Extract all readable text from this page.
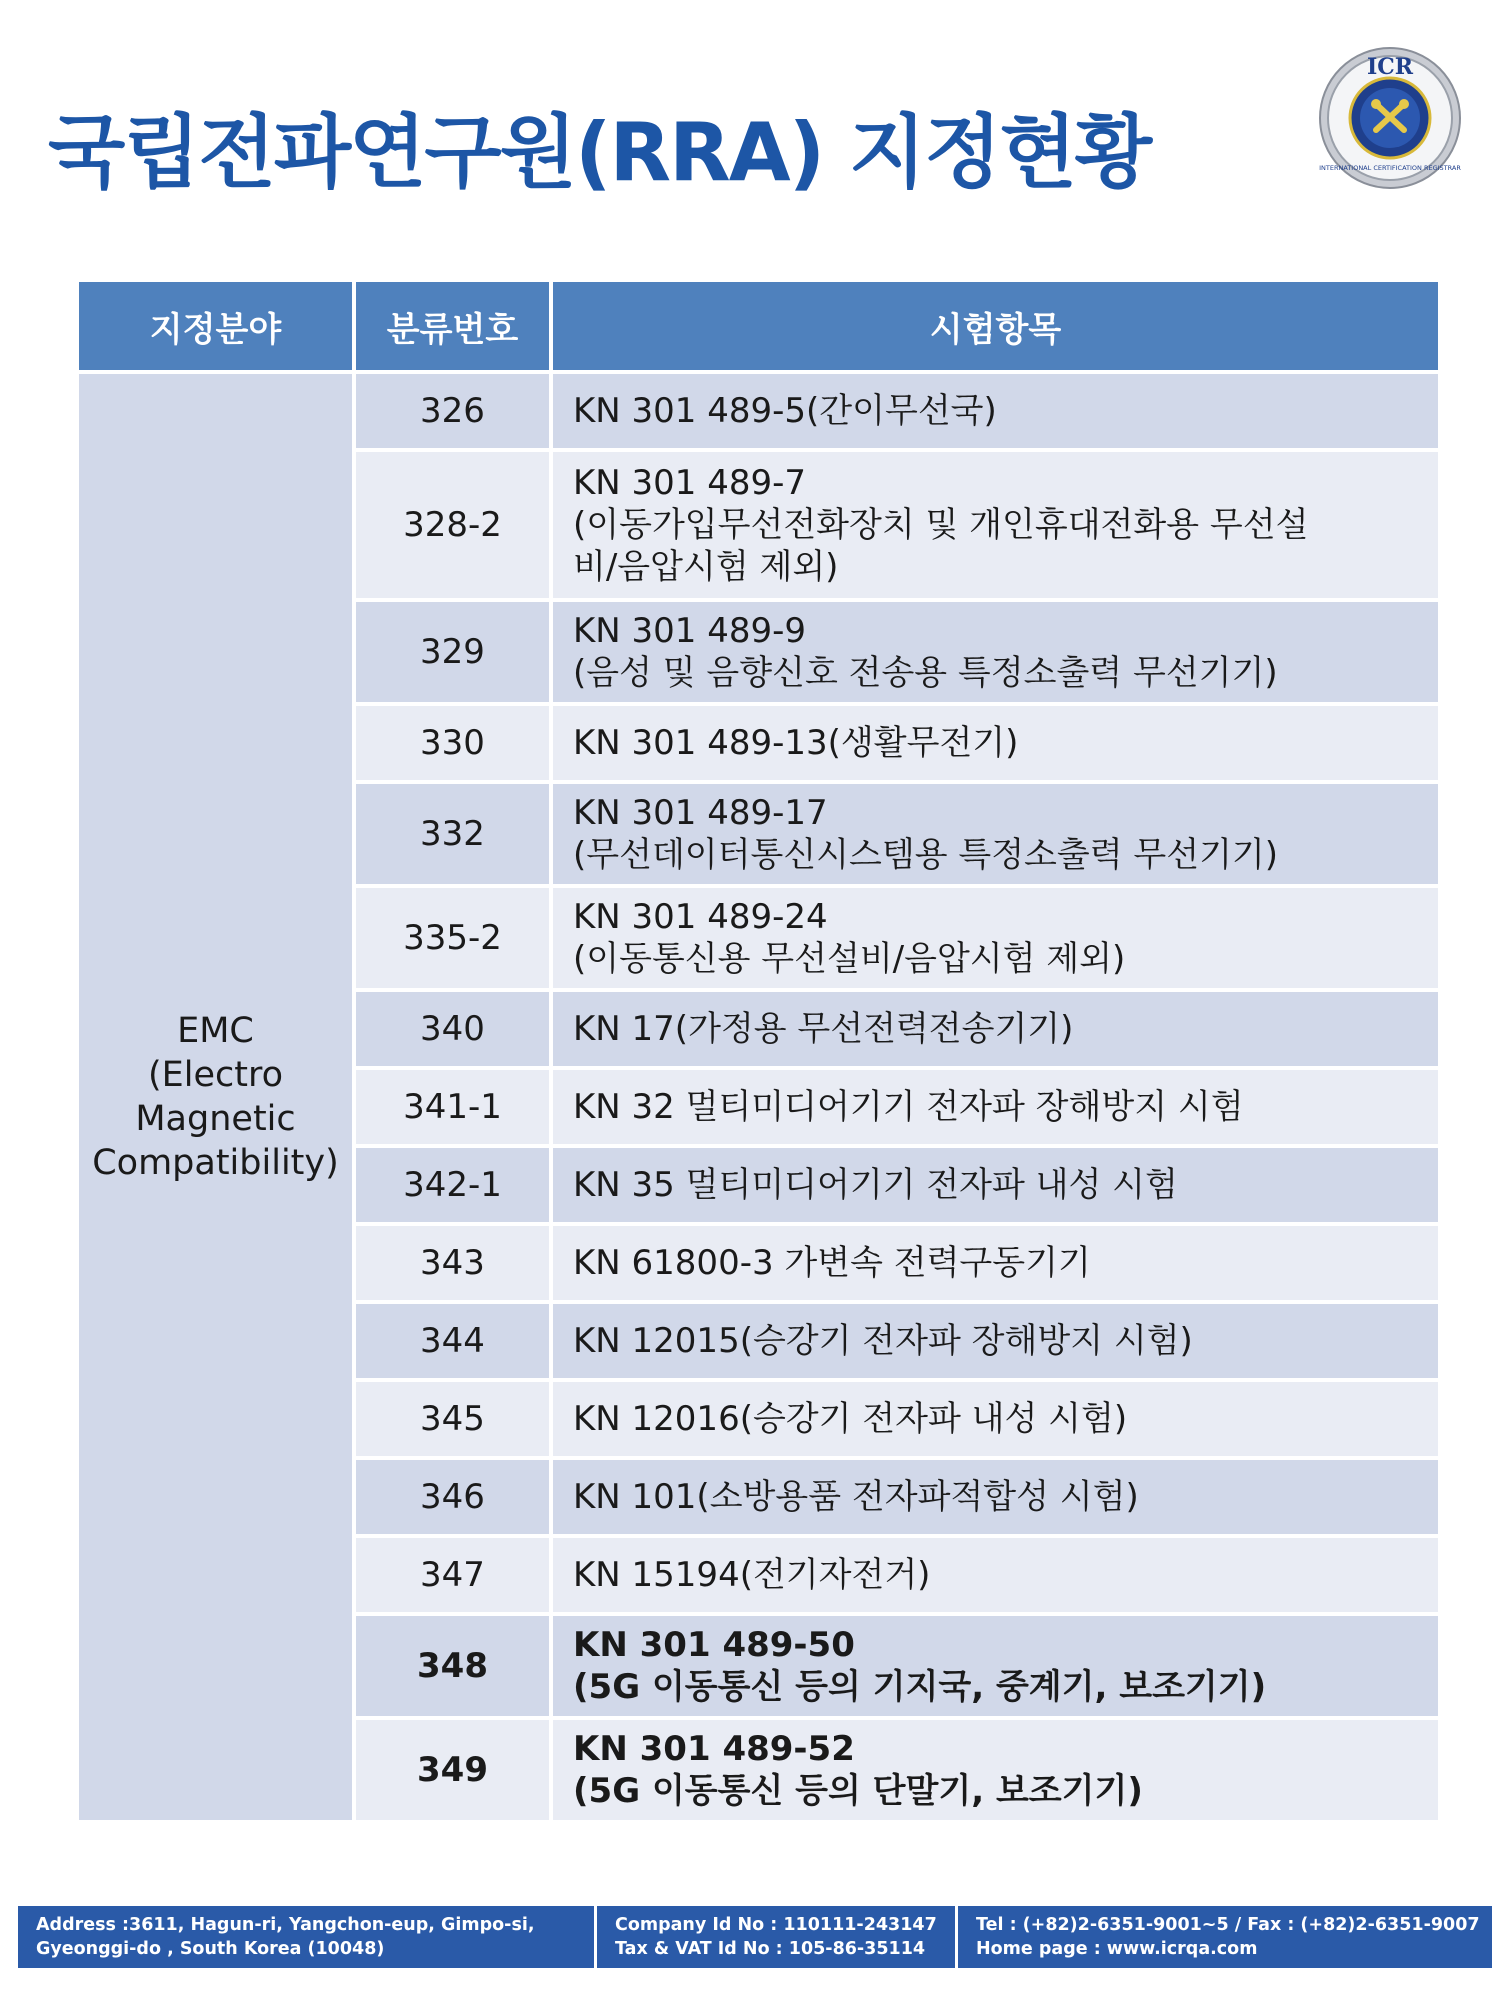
국립전파연구원(RRA) 지정현황
ICR
INTERNATIONAL CERTIFICATION REGISTRAR
지정분야	분류번호	시험항목

EMC
(Electro
Magnetic
Compatibility)	326	KN 301 489-5(간이무선국)

	328-2	KN 301 489-7
(이동가입무선전화장치 및 개인휴대전화용 무선설
비/음압시험 제외)

	329	KN 301 489-9
(음성 및 음향신호 전송용 특정소출력 무선기기)

	330	KN 301 489-13(생활무전기)

	332	KN 301 489-17
(무선데이터통신시스템용 특정소출력 무선기기)

	335-2	KN 301 489-24
(이동통신용 무선설비/음압시험 제외)

	340	KN 17(가정용 무선전력전송기기)

	341-1	KN 32 멀티미디어기기 전자파 장해방지 시험

	342-1	KN 35 멀티미디어기기 전자파 내성 시험

	343	KN 61800-3 가변속 전력구동기기

	344	KN 12015(승강기 전자파 장해방지 시험)

	345	KN 12016(승강기 전자파 내성 시험)

	346	KN 101(소방용품 전자파적합성 시험)

	347	KN 15194(전기자전거)

	348	KN 301 489-50
(5G 이동통신 등의 기지국, 중계기, 보조기기)

	349	KN 301 489-52
(5G 이동통신 등의 단말기, 보조기기)
Address :3611, Hagun-ri, Yangchon-eup, Gimpo-si,
Gyeonggi-do , South Korea (10048)
Company Id No : 110111-243147
Tax & VAT Id No : 105-86-35114
Tel : (+82)2-6351-9001~5 / Fax : (+82)2-6351-9007
Home page : www.icrqa.com
